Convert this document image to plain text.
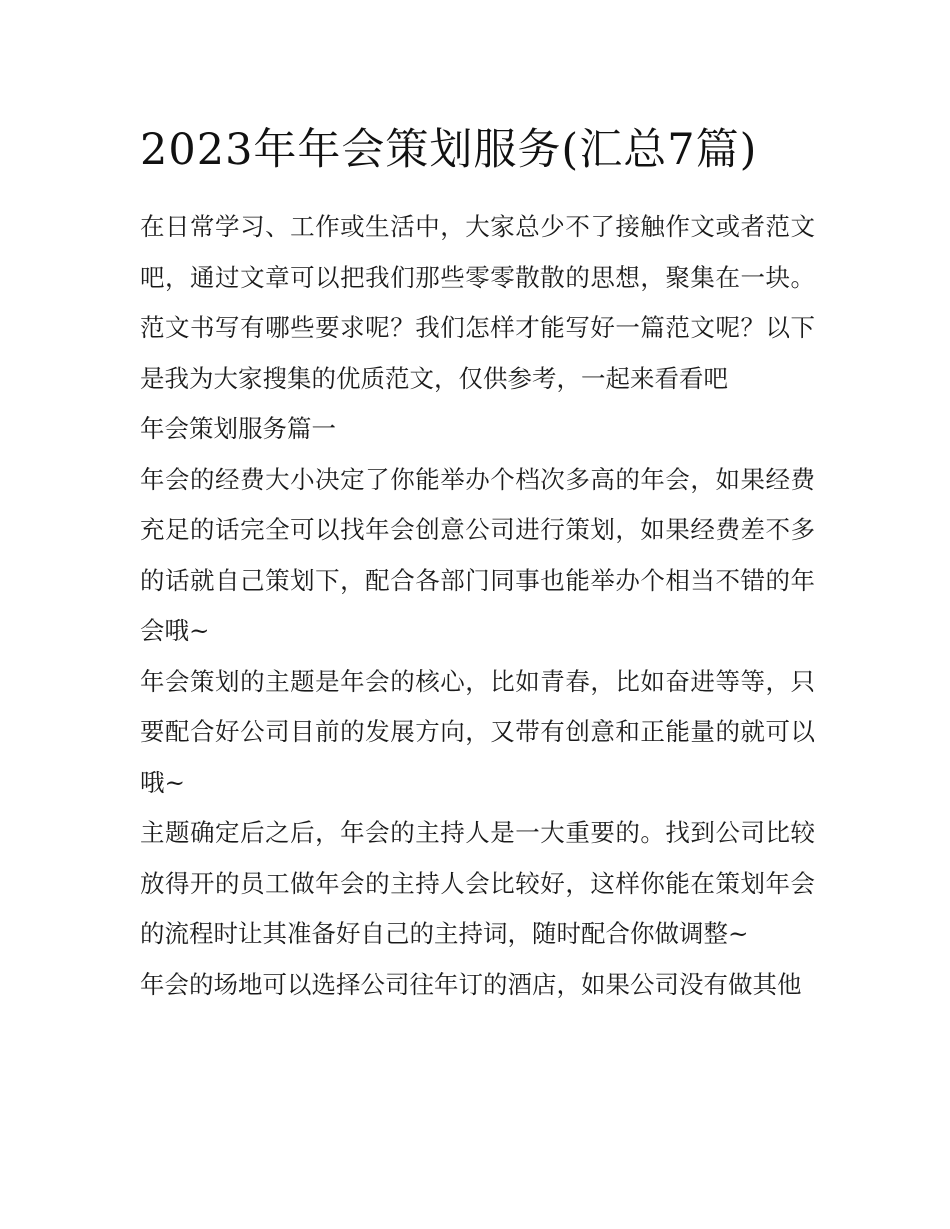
2023年年会策划服务(汇总7篇)

在日常学习、工作或生活中，大家总少不了接触作文或者范文吧，通过文章可以把我们那些零零散散的思想，聚集在一块。范文书写有哪些要求呢？我们怎样才能写好一篇范文呢？以下是我为大家搜集的优质范文，仅供参考，一起来看看吧

年会策划服务篇一

年会的经费大小决定了你能举办个档次多高的年会，如果经费充足的话完全可以找年会创意公司进行策划，如果经费差不多的话就自己策划下，配合各部门同事也能举办个相当不错的年会哦~

年会策划的主题是年会的核心，比如青春，比如奋进等等，只要配合好公司目前的发展方向，又带有创意和正能量的就可以哦~

主题确定后之后，年会的主持人是一大重要的。找到公司比较放得开的员工做年会的主持人会比较好，这样你能在策划年会的流程时让其准备好自己的主持词，随时配合你做调整~

年会的场地可以选择公司往年订的酒店，如果公司没有做其他
